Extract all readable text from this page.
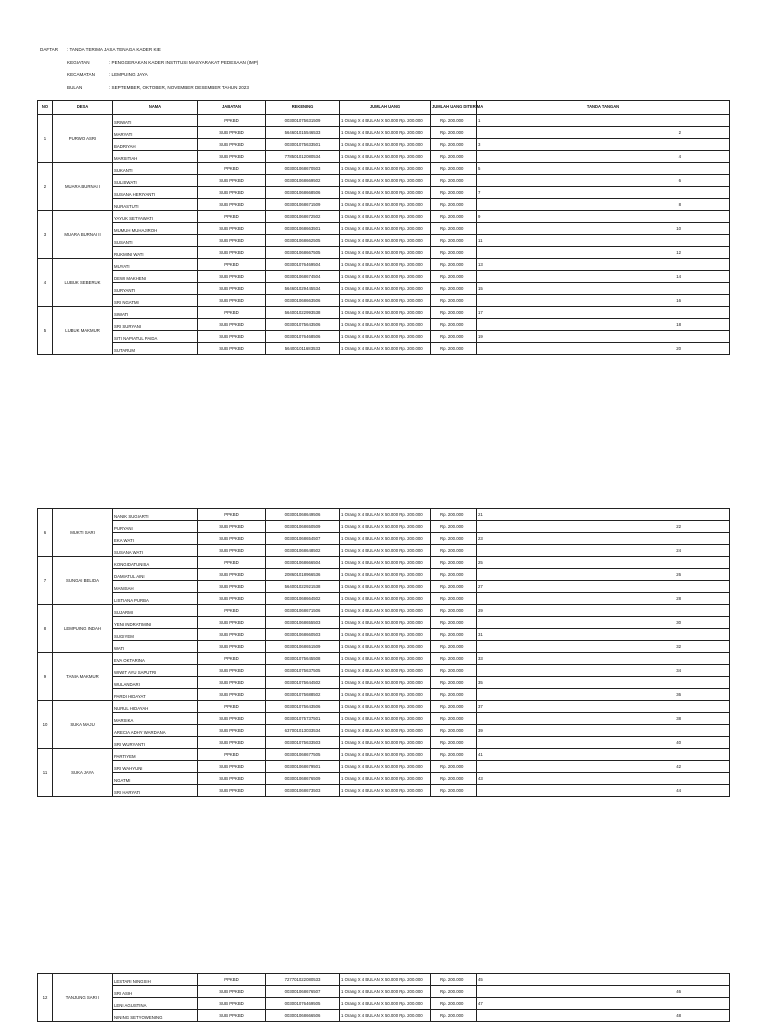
DAFTAR	: TANDA TERIMA JASA TENAGA KADER KIE
KEGIATAN	: PENGGERAKAN KADER INSTITUSI MASYARAKAT PEDESAAN (IMP)
KECAMATAN	: LEMPUING JAYA
BULAN	: SEPTEMBER, OKTOBER, NOVEMBER DESEMBER TAHUN 2023
NO	DESA	NAMA	JABATAN	REKENING	JUMLAH UANG	JUMLAH UANG DITERIMA	TANDA TANGAN
1	PURWO ASRI	SRIWATI	PPKBD	003001075631509	1 Orang X 4 BULAN X 50.000 Rp. 200.000	Rp. 200.000	1
		MARYATI	SUB PPKBD	564601015546533	1 Orang X 4 BULAN X 50.000 Rp. 200.000	Rp. 200.000	2
		BADRIYAH	SUB PPKBD	003001075633501	1 Orang X 4 BULAN X 50.000 Rp. 200.000	Rp. 200.000	3
		MARSITIAH	SUB PPKBD	778501012080534	1 Orang X 4 BULAN X 50.000 Rp. 200.000	Rp. 200.000	4
2	MUARA BURNAI I	SUKANTI	PPKBD	003001068670503	1 Orang X 4 BULAN X 50.000 Rp. 200.000	Rp. 200.000	5
		SULISWATI	SUB PPKBD	003001068669502	1 Orang X 4 BULAN X 50.000 Rp. 200.000	Rp. 200.000	6
		SUSANA HERIYANTI	SUB PPKBD	003001068668506	1 Orang X 4 BULAN X 50.000 Rp. 200.000	Rp. 200.000	7
		NURASTUTI	SUB PPKBD	003001068671509	1 Orang X 4 BULAN X 50.000 Rp. 200.000	Rp. 200.000	8
3	MUARA BURNAI II	YAYUK SETYAWATI	PPKBD	003001068672502	1 Orang X 4 BULAN X 50.000 Rp. 200.000	Rp. 200.000	9
		MUMUH MUHAJIROH	SUB PPKBD	003001068663501	1 Orang X 4 BULAN X 50.000 Rp. 200.000	Rp. 200.000	10
		SUSANTI	SUB PPKBD	003001068662505	1 Orang X 4 BULAN X 50.000 Rp. 200.000	Rp. 200.000	11
		RUKMINI WATI	SUB PPKBD	003001068667505	1 Orang X 4 BULAN X 50.000 Rp. 200.000	Rp. 200.000	12
4	LUBUK SEBERUK	MUYATI	PPKBD	003001076469504	1 Orang X 4 BULAN X 50.000 Rp. 200.000	Rp. 200.000	13
		DEWI MAKHENI	SUB PPKBD	003001068674504	1 Orang X 4 BULAN X 50.000 Rp. 200.000	Rp. 200.000	14
		SURYANTI	SUB PPKBD	564601029445534	1 Orang X 4 BULAN X 50.000 Rp. 200.000	Rp. 200.000	15
		SRI NGATMI	SUB PPKBD	003001068663506	1 Orang X 4 BULAN X 50.000 Rp. 200.000	Rp. 200.000	16
5	LUBUK MAKMUR	SIWATI	PPKBD	564001022993538	1 Orang X 4 BULAN X 50.000 Rp. 200.000	Rp. 200.000	17
		SRI SURYANI	SUB PPKBD	003001075643506	1 Orang X 4 BULAN X 50.000 Rp. 200.000	Rp. 200.000	18
		SITI NAPIATUL PAIDA	SUB PPKBD	003001076468506	1 Orang X 4 BULAN X 50.000 Rp. 200.000	Rp. 200.000	19
		SUTARUM	SUB PPKBD	564001011683533	1 Orang X 4 BULAN X 50.000 Rp. 200.000	Rp. 200.000	20
6	MUKTI SARI	NANIK SUGIARTI	PPKBD	003001068649506	1 Orang X 4 BULAN X 50.000 Rp. 200.000	Rp. 200.000	21
		PURYANI	SUB PPKBD	003001068650509	1 Orang X 4 BULAN X 50.000 Rp. 200.000	Rp. 200.000	22
		EKA WATI	SUB PPKBD	003001068654507	1 Orang X 4 BULAN X 50.000 Rp. 200.000	Rp. 200.000	23
		SUSANA WATI	SUB PPKBD	003001068648502	1 Orang X 4 BULAN X 50.000 Rp. 200.000	Rp. 200.000	24
7	SUNGAI BELIDA	KONGIDATUNISA	PPKBD	003001068666504	1 Orang X 4 BULAN X 50.000 Rp. 200.000	Rp. 200.000	25
		DAMIATUL AINI	SUB PPKBD	208601018966536	1 Orang X 4 BULAN X 50.000 Rp. 200.000	Rp. 200.000	26
		MANISAH	SUB PPKBD	564001022921538	1 Orang X 4 BULAN X 50.000 Rp. 200.000	Rp. 200.000	27
		LISTIANA PURBA	SUB PPKBD	003001068664502	1 Orang X 4 BULAN X 50.000 Rp. 200.000	Rp. 200.000	28
8	LEMPUING INDAH	SUJARMI	PPKBD	003001068671506	1 Orang X 4 BULAN X 50.000 Rp. 200.000	Rp. 200.000	29
		YENI INDRATIMINI	SUB PPKBD	003001068655503	1 Orang X 4 BULAN X 50.000 Rp. 200.000	Rp. 200.000	30
		SUGIYEM	SUB PPKBD	003001068660503	1 Orang X 4 BULAN X 50.000 Rp. 200.000	Rp. 200.000	31
		WATI	SUB PPKBD	003001068651509	1 Orang X 4 BULAN X 50.000 Rp. 200.000	Rp. 200.000	32
9	TANIA MAKMUR	EVA OKTARINA	PPKBD	003001075645508	1 Orang X 4 BULAN X 50.000 Rp. 200.000	Rp. 200.000	33
		WIWIT AYU SAPUTRI	SUB PPKBD	003001075637505	1 Orang X 4 BULAN X 50.000 Rp. 200.000	Rp. 200.000	34
		WULANDARI	SUB PPKBD	003001075644502	1 Orang X 4 BULAN X 50.000 Rp. 200.000	Rp. 200.000	35
		PARDI HIDAYAT	SUB PPKBD	003001075688502	1 Orang X 4 BULAN X 50.000 Rp. 200.000	Rp. 200.000	36
10	SUKA MAJU	NURUL HIDAYAH	PPKBD	003001075643506	1 Orang X 4 BULAN X 50.000 Rp. 200.000	Rp. 200.000	37
		MARSIKA	SUB PPKBD	003001075737501	1 Orang X 4 BULAN X 50.000 Rp. 200.000	Rp. 200.000	38
		ARECIA ADHY WARDANA	SUB PPKBD	637001013033534	1 Orang X 4 BULAN X 50.000 Rp. 200.000	Rp. 200.000	39
		SRI WURYANTI	SUB PPKBD	003001075633503	1 Orang X 4 BULAN X 50.000 Rp. 200.000	Rp. 200.000	40
11	SUKA JAYA	PARTIYEM	PPKBD	003001068677505	1 Orang X 4 BULAN X 50.000 Rp. 200.000	Rp. 200.000	41
		SRI WAHYUNI	SUB PPKBD	003001068679501	1 Orang X 4 BULAN X 50.000 Rp. 200.000	Rp. 200.000	42
		NGATMI	SUB PPKBD	003001068676509	1 Orang X 4 BULAN X 50.000 Rp. 200.000	Rp. 200.000	43
		SRI HARYATI	SUB PPKBD	003001068673503	1 Orang X 4 BULAN X 50.000 Rp. 200.000	Rp. 200.000	44
12	TANJUNG SARI I	LESTARI NINGSIH	PPKBD	727701022080533	1 Orang X 4 BULAN X 50.000 Rp. 200.000	Rp. 200.000	45
		SRI ASIH	SUB PPKBD	003001068676507	1 Orang X 4 BULAN X 50.000 Rp. 200.000	Rp. 200.000	46
		LENI AGUSTINA	SUB PPKBD	003001076469505	1 Orang X 4 BULAN X 50.000 Rp. 200.000	Rp. 200.000	47
		NINING SETYOWENING	SUB PPKBD	003001068666506	1 Orang X 4 BULAN X 50.000 Rp. 200.000	Rp. 200.000	48
